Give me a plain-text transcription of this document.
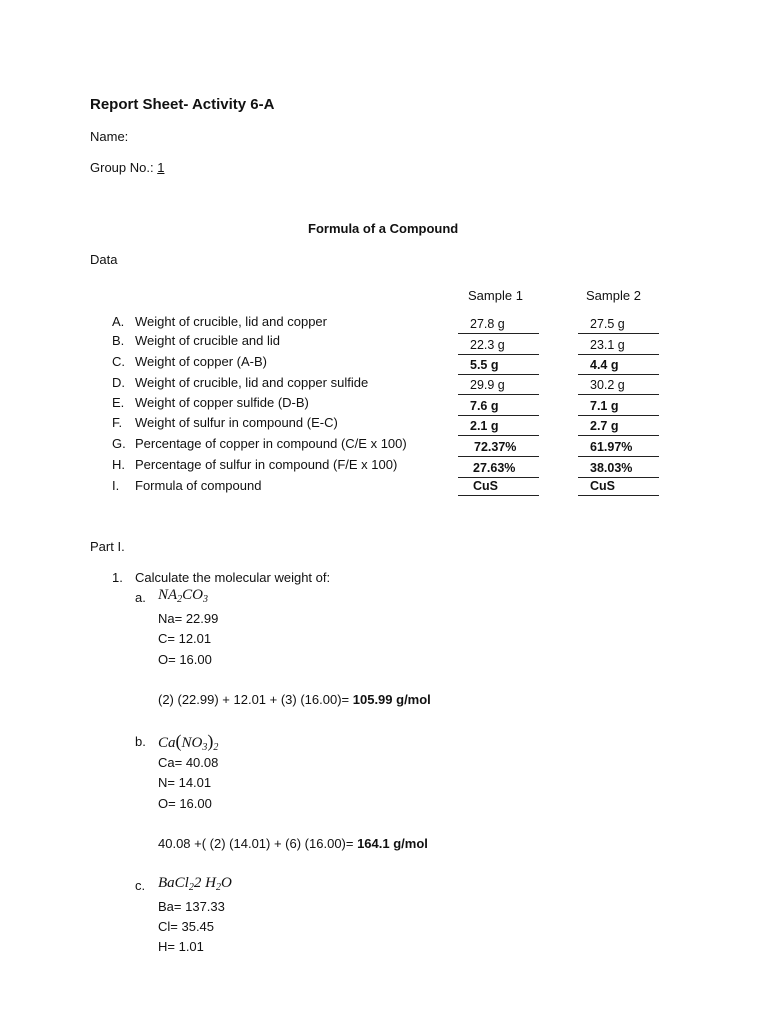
Report Sheet- Activity 6-A
Name:
Group No.: 1
Formula of a Compound
Data
Sample 1	Sample 2
A. Weight of crucible, lid and copper	27.8 g	27.5 g
B. Weight of crucible and lid	22.3 g	23.1 g
C. Weight of copper (A-B)	5.5 g	4.4 g
D. Weight of crucible, lid and copper sulfide	29.9 g	30.2 g
E. Weight of copper sulfide (D-B)	7.6 g	7.1 g
F. Weight of sulfur in compound (E-C)	2.1 g	2.7 g
G. Percentage of copper in compound (C/E x 100)	72.37%	61.97%
H. Percentage of sulfur in compound (F/E x 100)	27.63%	38.03%
I. Formula of compound	CuS	CuS
Part I.
1. Calculate the molecular weight of:
a. $NA_2CO_3$
Na= 22.99
C= 12.01
O= 16.00
(2) (22.99) + 12.01 + (3) (16.00)= 105.99 g/mol
b. $Ca(NO_3)_2$
Ca= 40.08
N= 14.01
O= 16.00
40.08 +( (2) (14.01) + (6) (16.00)= 164.1 g/mol
c. BaCl$_2$2 $H_2O$
Ba= 137.33
Cl= 35.45
H= 1.01
